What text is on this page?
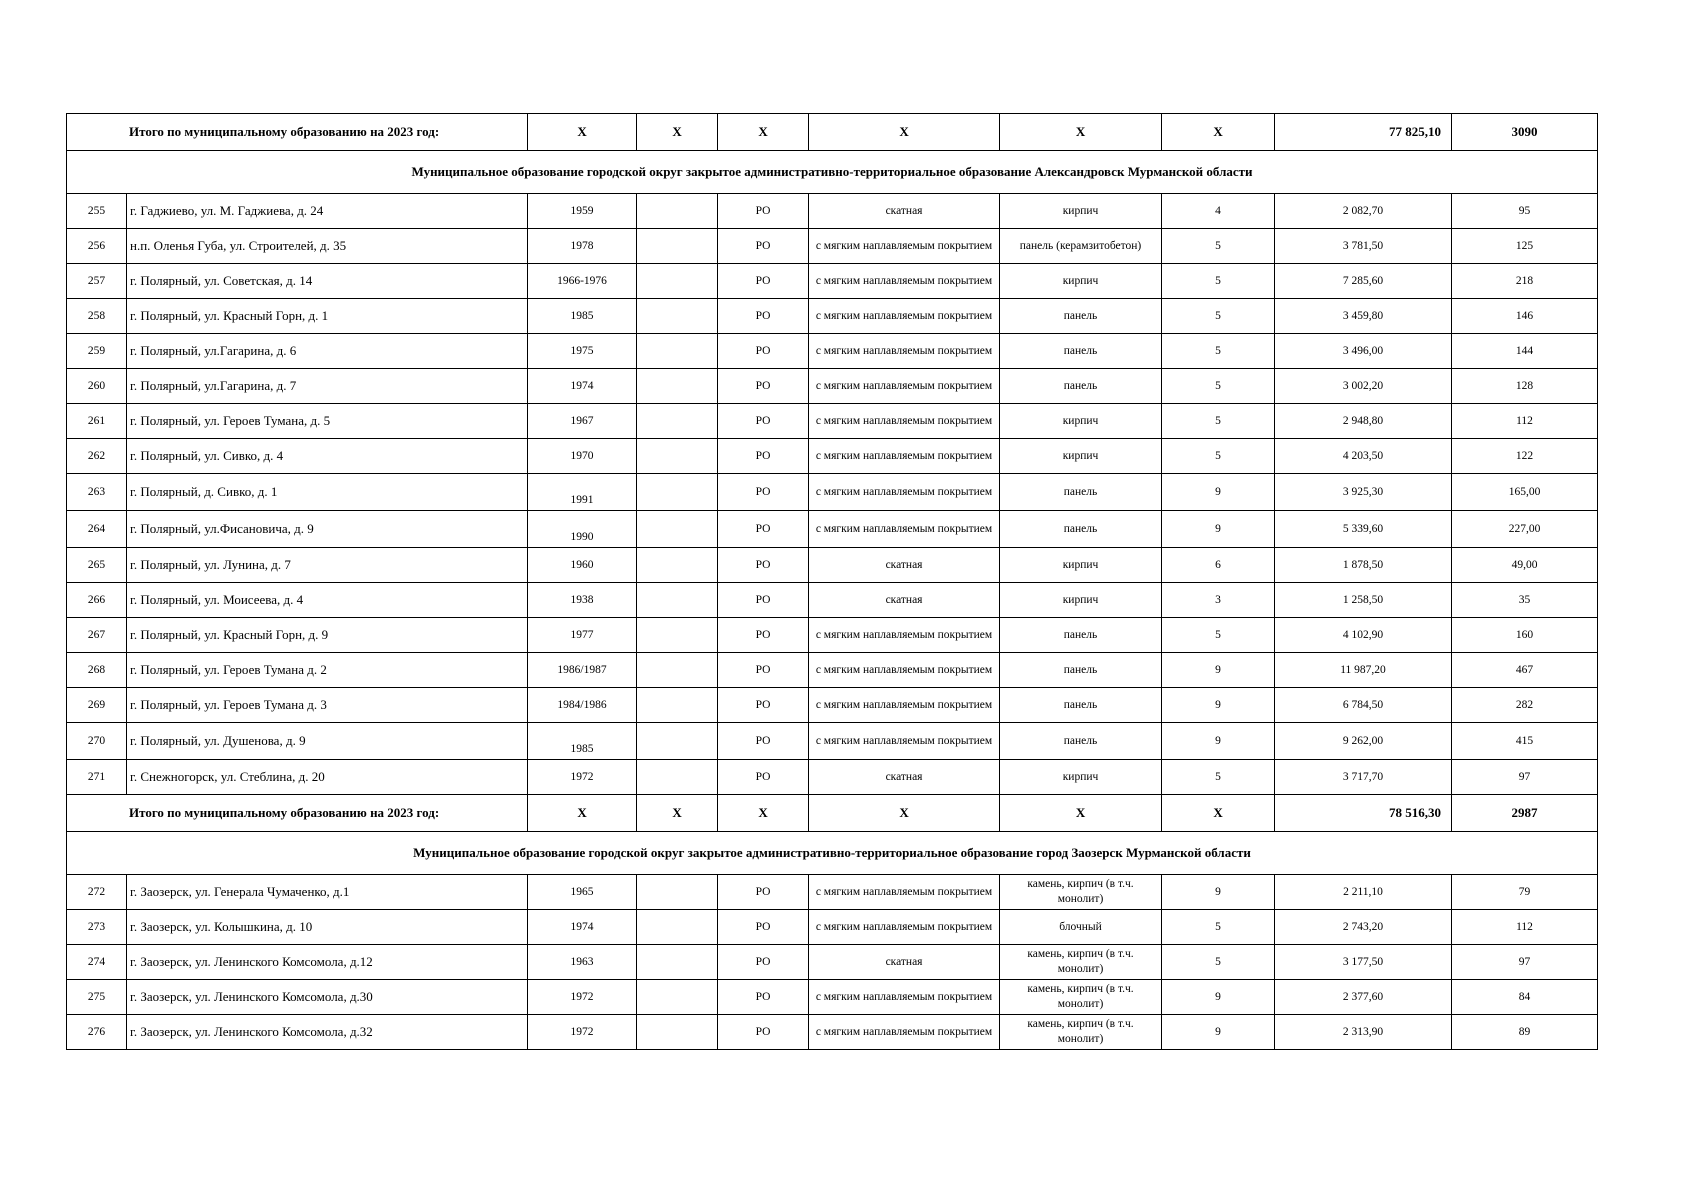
Итого по муниципальному образованию на 2023 год:		X	X	X	X	X	X	77 825,10	3090
Муниципальное образование городской округ закрытое административно-территориальное образование Александровск Мурманской области									
255	г. Гаджиево, ул. М. Гаджиева, д. 24	1959		РО	скатная	кирпич	4	2 082,70	95
256	н.п. Оленья Губа, ул. Строителей, д. 35	1978		РО	с мягким наплавляемым покрытием	панель (керамзитобетон)	5	3 781,50	125
257	г. Полярный, ул. Советская, д. 14	1966-1976		РО	с мягким наплавляемым покрытием	кирпич	5	7 285,60	218
258	г. Полярный, ул. Красный Горн, д. 1	1985		РО	с мягким наплавляемым покрытием	панель	5	3 459,80	146
259	г. Полярный, ул.Гагарина, д. 6	1975		РО	с мягким наплавляемым покрытием	панель	5	3 496,00	144
260	г. Полярный, ул.Гагарина, д. 7	1974		РО	с мягким наплавляемым покрытием	панель	5	3 002,20	128
261	г. Полярный, ул. Героев Тумана, д. 5	1967		РО	с мягким наплавляемым покрытием	кирпич	5	2 948,80	112
262	г. Полярный, ул. Сивко, д. 4	1970		РО	с мягким наплавляемым покрытием	кирпич	5	4 203,50	122
263	г. Полярный, д. Сивко, д. 1	1991		РО	с мягким наплавляемым покрытием	панель	9	3 925,30	165,00
264	г. Полярный, ул.Фисановича, д. 9	1990		РО	с мягким наплавляемым покрытием	панель	9	5 339,60	227,00
265	г. Полярный, ул. Лунина, д. 7	1960		РО	скатная	кирпич	6	1 878,50	49,00
266	г. Полярный, ул. Моисеева, д. 4	1938		РО	скатная	кирпич	3	1 258,50	35
267	г. Полярный, ул. Красный Горн, д. 9	1977		РО	с мягким наплавляемым покрытием	панель	5	4 102,90	160
268	г. Полярный, ул. Героев Тумана д. 2	1986/1987		РО	с мягким наплавляемым покрытием	панель	9	11 987,20	467
269	г. Полярный, ул. Героев Тумана д. 3	1984/1986		РО	с мягким наплавляемым покрытием	панель	9	6 784,50	282
270	г. Полярный, ул. Душенова, д. 9	1985		РО	с мягким наплавляемым покрытием	панель	9	9 262,00	415
271	г. Снежногорск, ул. Стеблина, д. 20	1972		РО	скатная	кирпич	5	3 717,70	97
Итого по муниципальному образованию на 2023 год:		X	X	X	X	X	X	78 516,30	2987
Муниципальное образование городской округ закрытое административно-территориальное образование город Заозерск Мурманской области									
272	г. Заозерск, ул. Генерала Чумаченко, д.1	1965		РО	с мягким наплавляемым покрытием	камень, кирпич (в т.ч. монолит)	9	2 211,10	79
273	г. Заозерск, ул. Колышкина, д. 10	1974		РО	с мягким наплавляемым покрытием	блочный	5	2 743,20	112
274	г. Заозерск, ул. Ленинского Комсомола, д.12	1963		РО	скатная	камень, кирпич (в т.ч. монолит)	5	3 177,50	97
275	г. Заозерск, ул. Ленинского Комсомола, д.30	1972		РО	с мягким наплавляемым покрытием	камень, кирпич (в т.ч. монолит)	9	2 377,60	84
276	г. Заозерск, ул. Ленинского Комсомола, д.32	1972		РО	с мягким наплавляемым покрытием	камень, кирпич (в т.ч. монолит)	9	2 313,90	89
